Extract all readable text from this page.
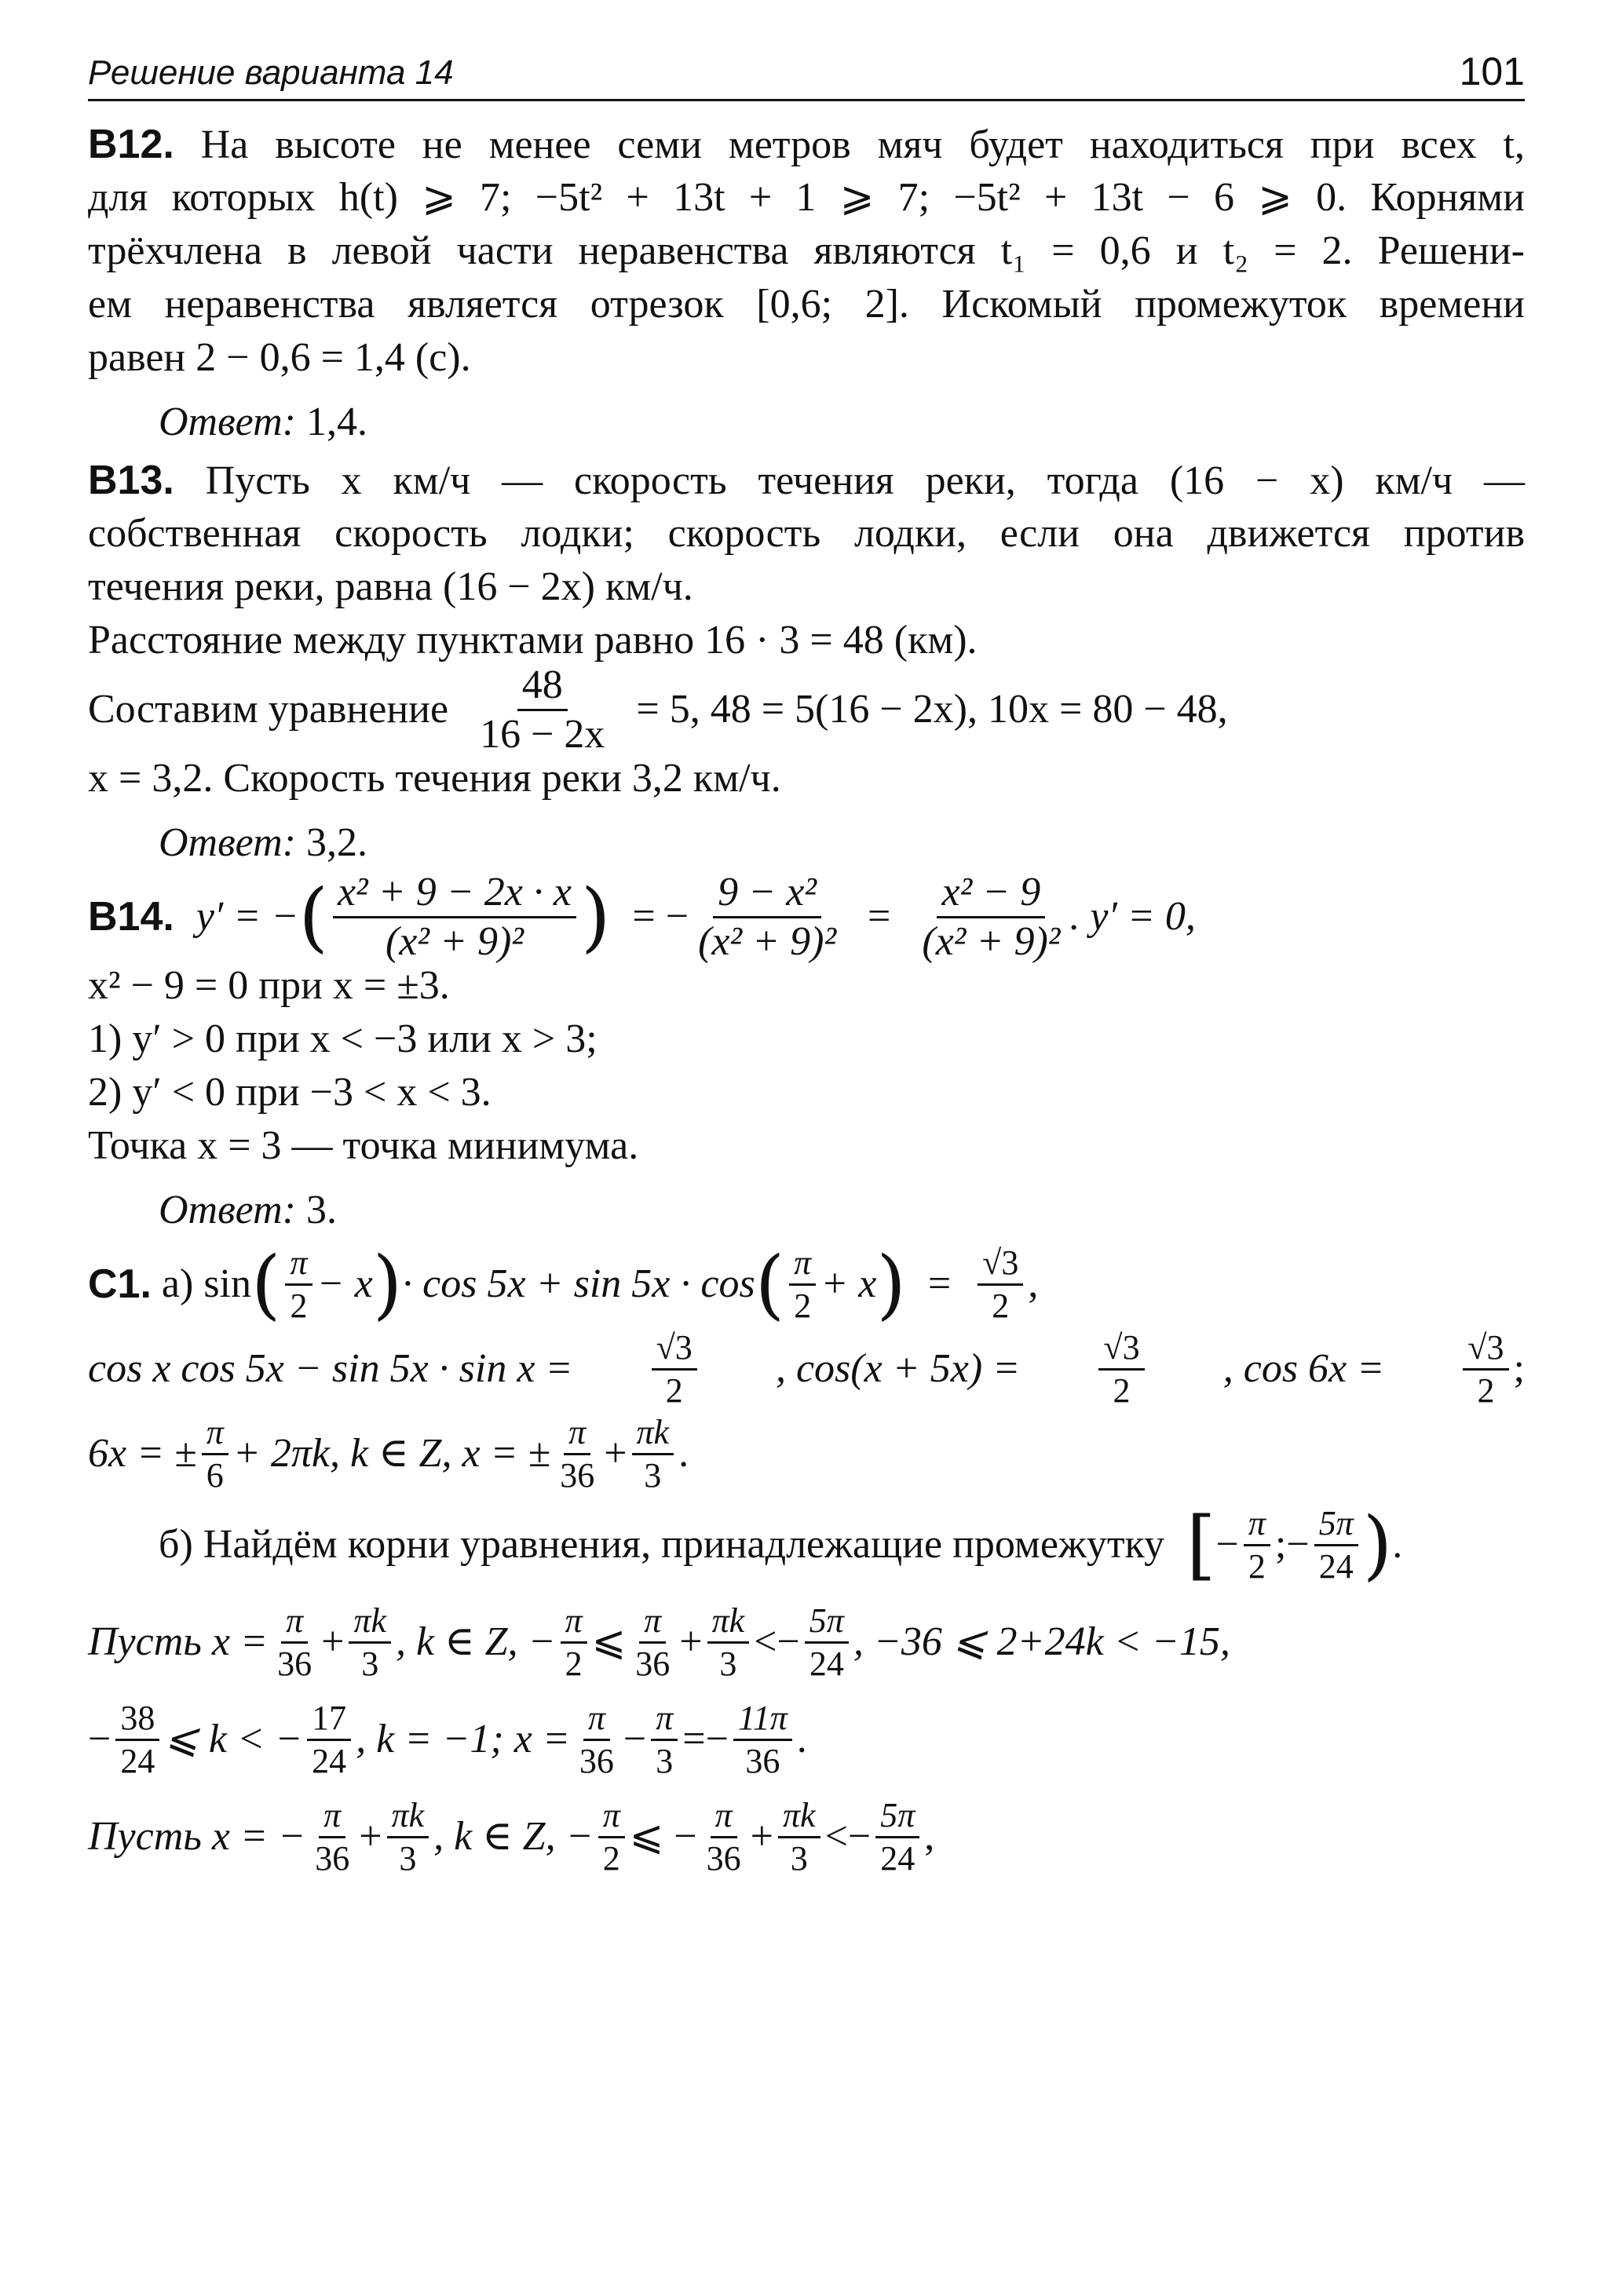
Решение варианта 14	101
B12. На высоте не менее семи метров мяч будет находиться при всех t,
для которых h(t) ⩾ 7; −5t² + 13t + 1 ⩾ 7; −5t² + 13t − 6 ⩾ 0. Корнями
трёхчлена в левой части неравенства являются t₁ = 0,6 и t₂ = 2. Решени-
ем неравенства является отрезок [0,6; 2]. Искомый промежуток времени
равен 2 − 0,6 = 1,4 (с).
Ответ: 1,4.
B13. Пусть x км/ч — скорость течения реки, тогда (16 − x) км/ч —
собственная скорость лодки; скорость лодки, если она движется против
течения реки, равна (16 − 2x) км/ч.
Расстояние между пунктами равно 16 · 3 = 48 (км).
Составим уравнение $\frac{48}{16 - 2x} = 5$, 48 = 5(16 − 2x), 10x = 80 − 48,
x = 3,2. Скорость течения реки 3,2 км/ч.
Ответ: 3,2.
B14. y′ = − ( $\frac{\text{x² + 9 − 2x · x}}{\text{(x² + 9)²}}$ ) = − $\frac{\text{9 − x²}}{\text{(x² + 9)²}} = \frac{\text{x² − 9}}{\text{(x² + 9)²}}$ . y′ = 0,
x² − 9 = 0 при x = ±3.
1) y′ > 0 при x < −3 или x > 3;
2) y′ < 0 при −3 < x < 3.
Точка x = 3 — точка минимума.
Ответ: 3.
C1.
а) sin ( $\frac{\pi}{2} - x$ ) · cos 5x + sin 5x · cos ( $\frac{\pi}{2} + x$ ) = $\frac{√3}{2}$ ,
cos x $\cos 5x - \sin 5x \cdot \sin x = \frac{√3}{2}$ , $\cos(x + 5x) = \frac{√3}{2}$ , $\cos 6x = \frac{√3}{2}$ ;
6x = ± $\frac{\pi}{6} + 2\pi k$, k ∈ Z, x = ± $\frac{\pi}{36} + \frac{\pi k}{3}$ .
б) Найдём корни уравнения, принадлежащие промежутку [ − $\frac{\pi}{2}$ ; − $\frac{5\pi}{24}$ ) .
Пусть $x = \frac{\pi}{36} + \frac{\pi k}{3}$ , k ∈ Z, − $\frac{\pi}{2}$ ⩽ $\frac{\pi}{36} + \frac{\pi k}{3}$ < − $\frac{5\pi}{24}$ , −36 ⩽ 2+24k < −15,
− $\frac{38}{24}$ ⩽ k < − $\frac{17}{24}$ , k = −1; $x = \frac{\pi}{36} - \frac{\pi}{3}$ = − $\frac{11\pi}{36}$ .
Пусть x = − $\frac{\pi}{36} + \frac{\pi k}{3}$ , k ∈ Z, − $\frac{\pi}{2}$ ⩽ − $\frac{\pi}{36} + \frac{\pi k}{3}$ < − $\frac{5\pi}{24}$ ,
